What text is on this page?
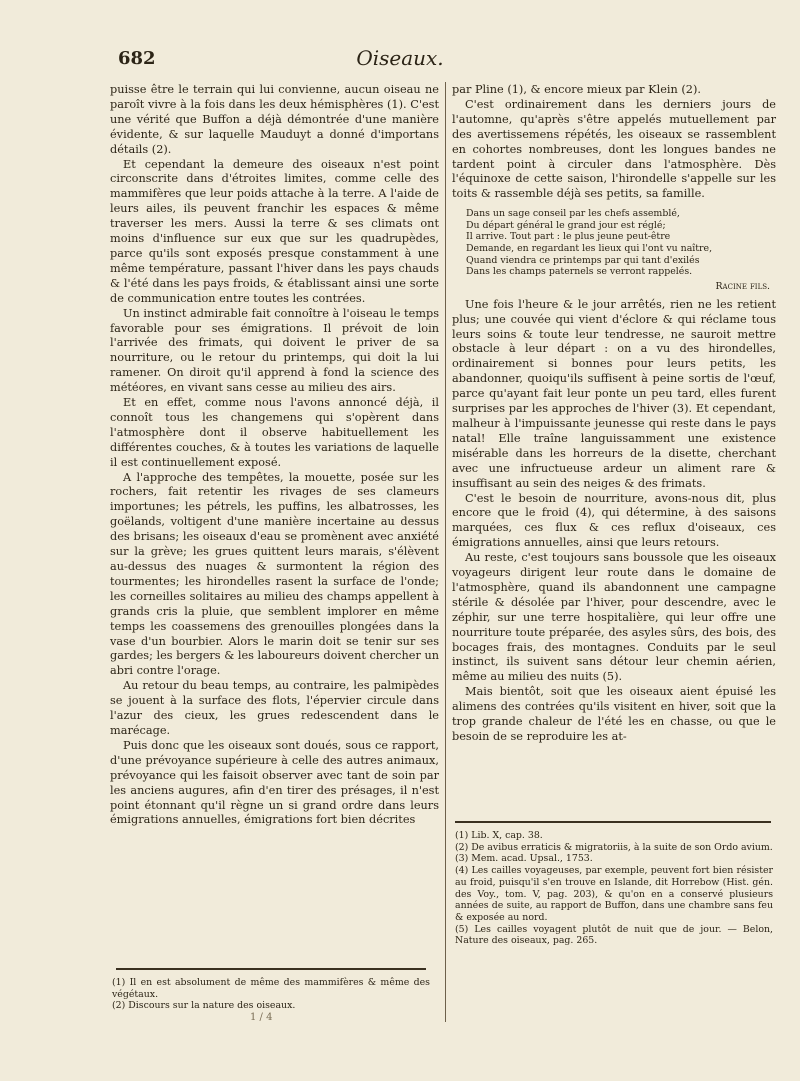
682	Oiseaux.

puisse être le terrain qui lui convienne, aucun oiseau ne paroît vivre à la fois dans les deux hémisphères (1). C'est une vérité que Buffon a déjà démontrée d'une manière évidente, & sur laquelle Mauduyt a donné d'importans détails (2).

Et cependant la demeure des oiseaux n'est point circonscrite dans d'étroites limites, comme celle des mammifères que leur poids attache à la terre. A l'aide de leurs ailes, ils peuvent franchir les espaces & même traverser les mers. Aussi la terre & ses climats ont moins d'influence sur eux que sur les quadrupèdes, parce qu'ils sont exposés presque constamment à une même température, passant l'hiver dans les pays chauds & l'été dans les pays froids, & établissant ainsi une sorte de communication entre toutes les contrées.

Un instinct admirable fait connoître à l'oiseau le temps favorable pour ses émigrations. Il prévoit de loin l'arrivée des frimats, qui doivent le priver de sa nourriture, ou le retour du printemps, qui doit la lui ramener. On diroit qu'il apprend à fond la science des météores, en vivant sans cesse au milieu des airs.

Et en effet, comme nous l'avons annoncé déjà, il connoît tous les changemens qui s'opèrent dans l'atmosphère dont il observe habituellement les différentes couches, & à toutes les variations de laquelle il est continuellement exposé.

A l'approche des tempêtes, la mouette, posée sur les rochers, fait retentir les rivages de ses clameurs importunes; les pétrels, les puffins, les albatrosses, les goëlands, voltigent d'une manière incertaine au dessus des brisans; les oiseaux d'eau se promènent avec anxiété sur la grève; les grues quittent leurs marais, s'élèvent au-dessus des nuages & surmontent la région des tourmentes; les hirondelles rasent la surface de l'onde; les corneilles solitaires au milieu des champs appellent à grands cris la pluie, que semblent implorer en même temps les coassemens des grenouilles plongées dans la vase d'un bourbier. Alors le marin doit se tenir sur ses gardes; les bergers & les laboureurs doivent chercher un abri contre l'orage.

Au retour du beau temps, au contraire, les palmipèdes se jouent à la surface des flots, l'épervier circule dans l'azur des cieux, les grues redescendent dans le marécage.

Puis donc que les oiseaux sont doués, sous ce rapport, d'une prévoyance supérieure à celle des autres animaux, prévoyance qui les faisoit observer avec tant de soin par les anciens augures, afin d'en tirer des présages, il n'est point étonnant qu'il règne un si grand ordre dans leurs émigrations annuelles, émigrations fort bien décrites

(1) Il en est absolument de même des mammifères & même des végétaux.
(2) Discours sur la nature des oiseaux.
1 / 4

par Pline (1), & encore mieux par Klein (2).

C'est ordinairement dans les derniers jours de l'automne, qu'après s'être appelés mutuellement par des avertissemens répétés, les oiseaux se rassemblent en cohortes nombreuses, dont les longues bandes ne tardent point à circuler dans l'atmosphère. Dès l'équinoxe de cette saison, l'hirondelle s'appelle sur les toits & rassemble déjà ses petits, sa famille.

Dans un sage conseil par les chefs assemblé,
Du départ général le grand jour est réglé;
Il arrive. Tout part : le plus jeune peut-être
Demande, en regardant les lieux qui l'ont vu naître,
Quand viendra ce printemps par qui tant d'exilés
Dans les champs paternels se verront rappelés.
Racine fils.

Une fois l'heure & le jour arrêtés, rien ne les retient plus; une couvée qui vient d'éclore & qui réclame tous leurs soins & toute leur tendresse, ne sauroit mettre obstacle à leur départ : on a vu des hirondelles, ordinairement si bonnes pour leurs petits, les abandonner, quoiqu'ils suffisent à peine sortis de l'œuf, parce qu'ayant fait leur ponte un peu tard, elles furent surprises par les approches de l'hiver (3). Et cependant, malheur à l'impuissante jeunesse qui reste dans le pays natal! Elle traîne languissamment une existence misérable dans les horreurs de la disette, cherchant avec une infructueuse ardeur un aliment rare & insuffisant au sein des neiges & des frimats.

C'est le besoin de nourriture, avons-nous dit, plus encore que le froid (4), qui détermine, à des saisons marquées, ces flux & ces reflux d'oiseaux, ces émigrations annuelles, ainsi que leurs retours.

Au reste, c'est toujours sans boussole que les oiseaux voyageurs dirigent leur route dans le domaine de l'atmosphère, quand ils abandonnent une campagne stérile & désolée par l'hiver, pour descendre, avec le zéphir, sur une terre hospitalière, qui leur offre une nourriture toute préparée, des asyles sûrs, des bois, des bocages frais, des montagnes. Conduits par le seul instinct, ils suivent sans détour leur chemin aérien, même au milieu des nuits (5).

Mais bientôt, soit que les oiseaux aient épuisé les alimens des contrées qu'ils visitent en hiver, soit que la trop grande chaleur de l'été les en chasse, ou que le besoin de se reproduire les at-

(1) Lib. X, cap. 38.
(2) De avibus erraticis & migratoriis, à la suite de son Ordo avium.
(3) Mem. acad. Upsal., 1753.
(4) Les cailles voyageuses, par exemple, peuvent fort bien résister au froid, puisqu'il s'en trouve en Islande, dit Horrebow (Hist. gén. des Voy., tom. V, pag. 203), & qu'on en a conservé plusieurs années de suite, au rapport de Buffon, dans une chambre sans feu & exposée au nord.
(5) Les cailles voyagent plutôt de nuit que de jour. — Belon, Nature des oiseaux, pag. 265.
